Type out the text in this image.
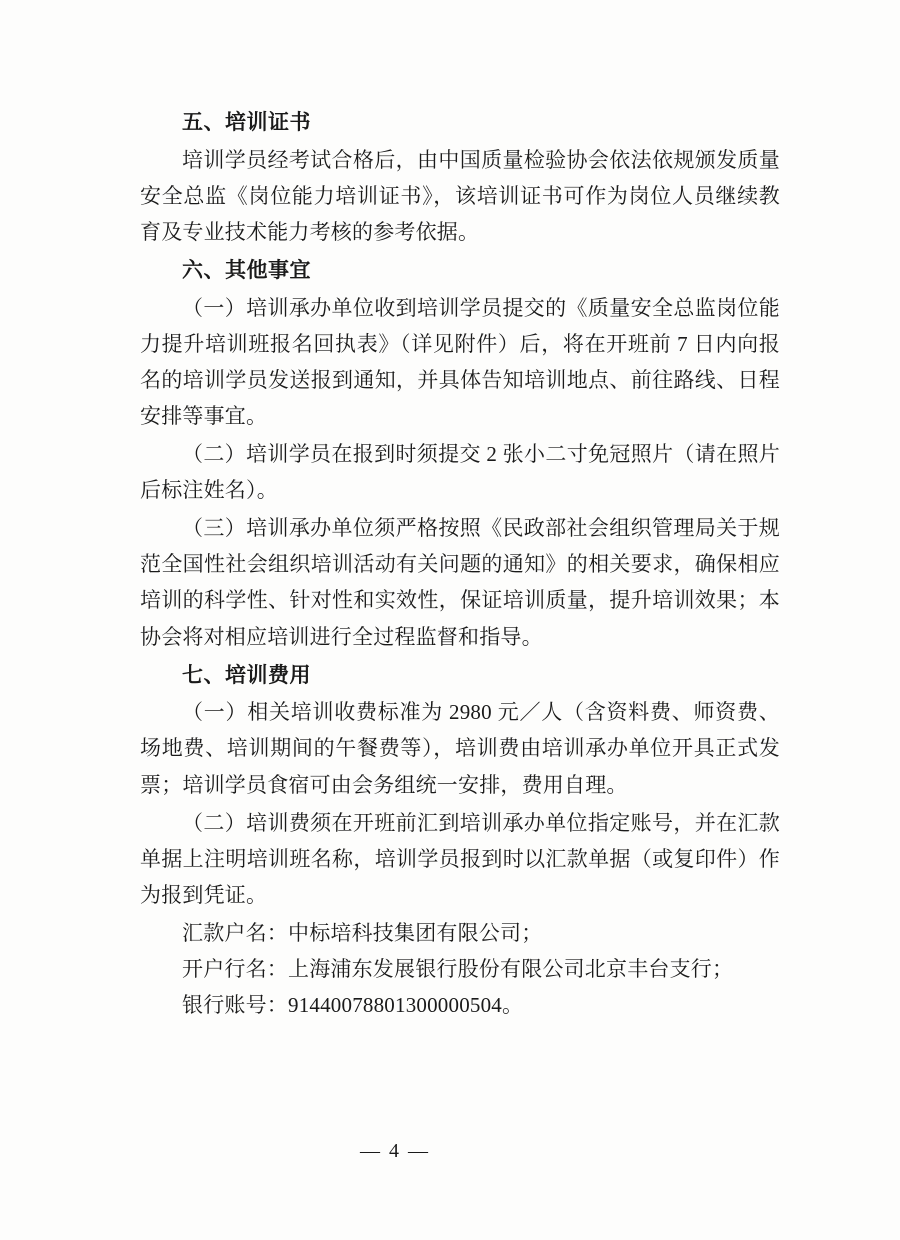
五、培训证书

培训学员经考试合格后，由中国质量检验协会依法依规颁发质量安全总监《岗位能力培训证书》，该培训证书可作为岗位人员继续教育及专业技术能力考核的参考依据。

六、其他事宜

（一）培训承办单位收到培训学员提交的《质量安全总监岗位能力提升培训班报名回执表》（详见附件）后，将在开班前 7 日内向报名的培训学员发送报到通知，并具体告知培训地点、前往路线、日程安排等事宜。

（二）培训学员在报到时须提交 2 张小二寸免冠照片（请在照片后标注姓名）。

（三）培训承办单位须严格按照《民政部社会组织管理局关于规范全国性社会组织培训活动有关问题的通知》的相关要求，确保相应培训的科学性、针对性和实效性，保证培训质量，提升培训效果；本协会将对相应培训进行全过程监督和指导。

七、培训费用

（一）相关培训收费标准为 2980 元／人（含资料费、师资费、场地费、培训期间的午餐费等），培训费由培训承办单位开具正式发票；培训学员食宿可由会务组统一安排，费用自理。

（二）培训费须在开班前汇到培训承办单位指定账号，并在汇款单据上注明培训班名称，培训学员报到时以汇款单据（或复印件）作为报到凭证。

汇款户名：中标培科技集团有限公司；

开户行名：上海浦东发展银行股份有限公司北京丰台支行；

银行账号：91440078801300000504。

— 4 —
